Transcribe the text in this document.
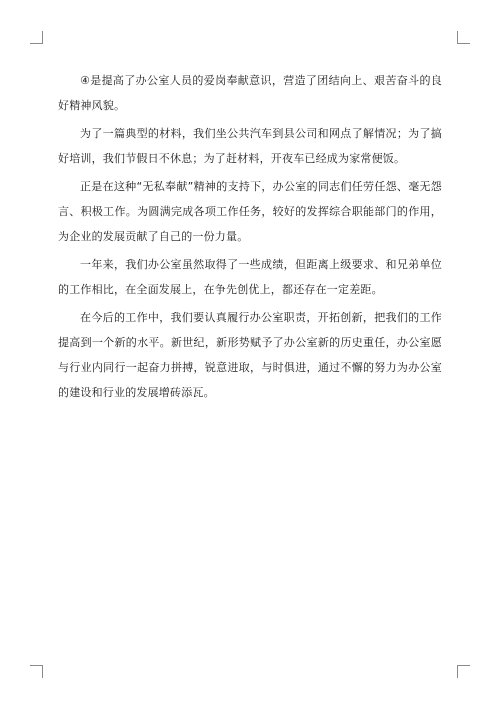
④是提高了办公室人员的爱岗奉献意识，营造了团结向上、艰苦奋斗的良好精神风貌。

为了一篇典型的材料，我们坐公共汽车到县公司和网点了解情况；为了搞好培训，我们节假日不休息；为了赶材料，开夜车已经成为家常便饭。

正是在这种“无私奉献”精神的支持下，办公室的同志们任劳任怨、毫无怨言、积极工作。为圆满完成各项工作任务，较好的发挥综合职能部门的作用，为企业的发展贡献了自己的一份力量。

一年来，我们办公室虽然取得了一些成绩，但距离上级要求、和兄弟单位的工作相比，在全面发展上，在争先创优上，都还存在一定差距。

在今后的工作中，我们要认真履行办公室职责，开拓创新，把我们的工作提高到一个新的水平。新世纪，新形势赋予了办公室新的历史重任，办公室愿与行业内同行一起奋力拼搏，锐意进取，与时俱进，通过不懈的努力为办公室的建设和行业的发展增砖添瓦。
